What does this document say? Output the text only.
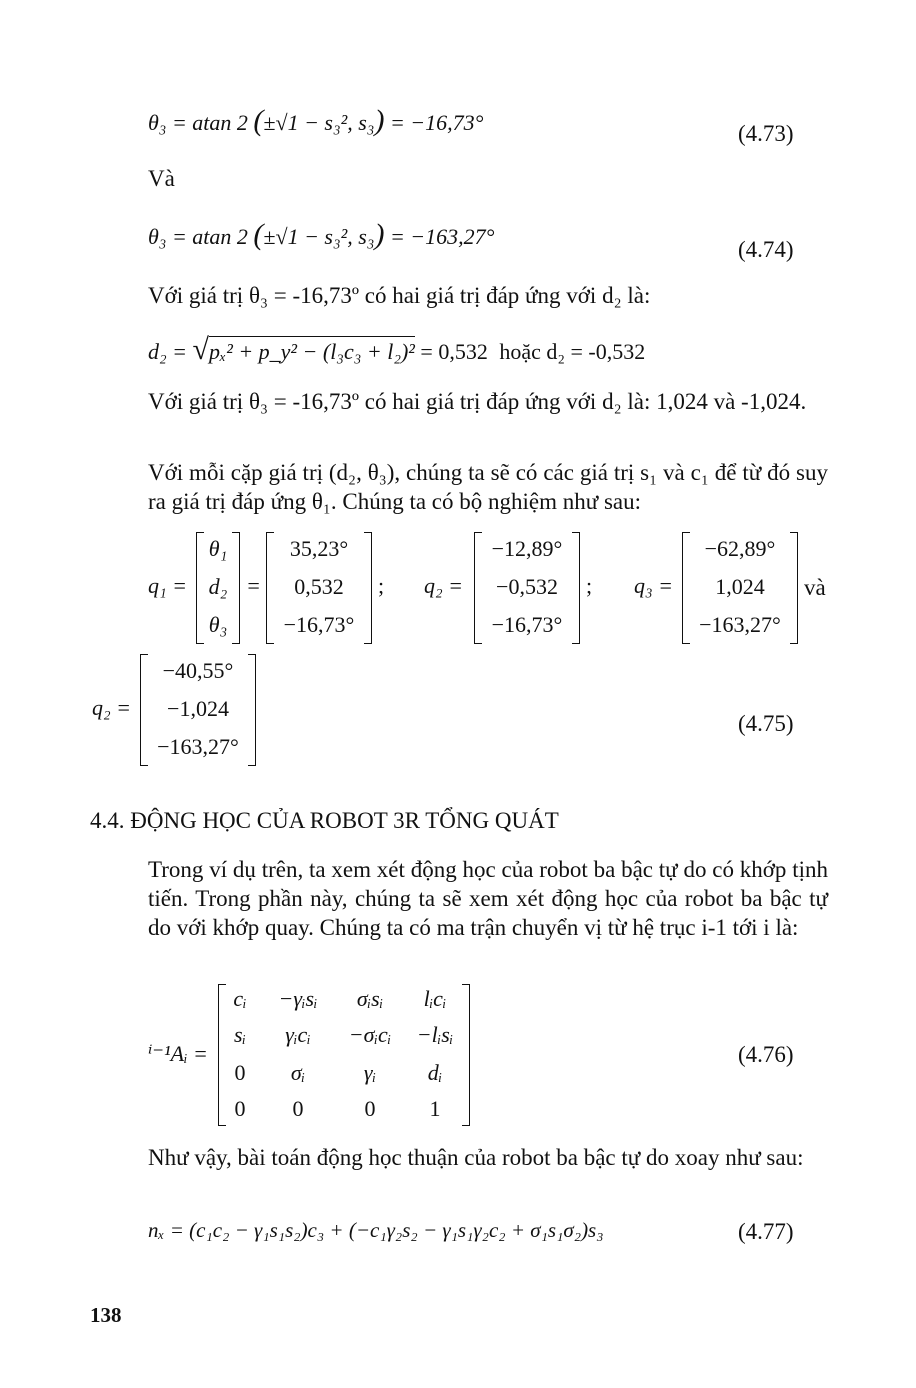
θ₃ = atan 2 (±√1 − s₃², s₃) = −16,73°	(4.73)
Và
θ₃ = atan 2 (±√1 − s₃², s₃) = −163,27°
(4.74)
Với giá trị θ₃ = -16,73º có hai giá trị đáp ứng với d₂ là:
d₂ = √pₓ² + p_y² − (l₃c₃ + l₂)² = 0,532 hoặc d₂ = -0,532
Với giá trị θ₃ = -16,73º có hai giá trị đáp ứng với d₂ là: 1,024 và -1,024.
Với mỗi cặp giá trị (d₂, θ₃), chúng ta sẽ có các giá trị s₁ và c₁ để từ đó suy ra giá trị đáp ứng θ₁. Chúng ta có bộ nghiệm như sau:
q₁ =
θ₁
d₂
θ₃
=
35,23°
0,532
−16,73°
; q₂ =
−12,89°
−0,532
−16,73°
; q₃ =
−62,89°
1,024
−163,27°
và
q₂ =
−40,55°
−1,024
−163,27°
(4.75)
4.4. ĐỘNG HỌC CỦA ROBOT 3R TỔNG QUÁT
Trong ví dụ trên, ta xem xét động học của robot ba bậc tự do có khớp tịnh tiến. Trong phần này, chúng ta sẽ xem xét động học của robot ba bậc tự do với khớp quay. Chúng ta có ma trận chuyển vị từ hệ trục i-1 tới i là:
ⁱ⁻¹Aᵢ =
cᵢ	−γᵢsᵢ	σᵢsᵢ	lᵢcᵢ
sᵢ	γᵢcᵢ	−σᵢcᵢ	−lᵢsᵢ
0	σᵢ	γᵢ	dᵢ
0	0	0	1
(4.76)
Như vậy, bài toán động học thuận của robot ba bậc tự do xoay như sau:
nₓ = (c₁c₂ − γ₁s₁s₂)c₃ + (−c₁γ₂s₂ − γ₁s₁γ₂c₂ + σ₁s₁σ₂)s₃	(4.77)
138
